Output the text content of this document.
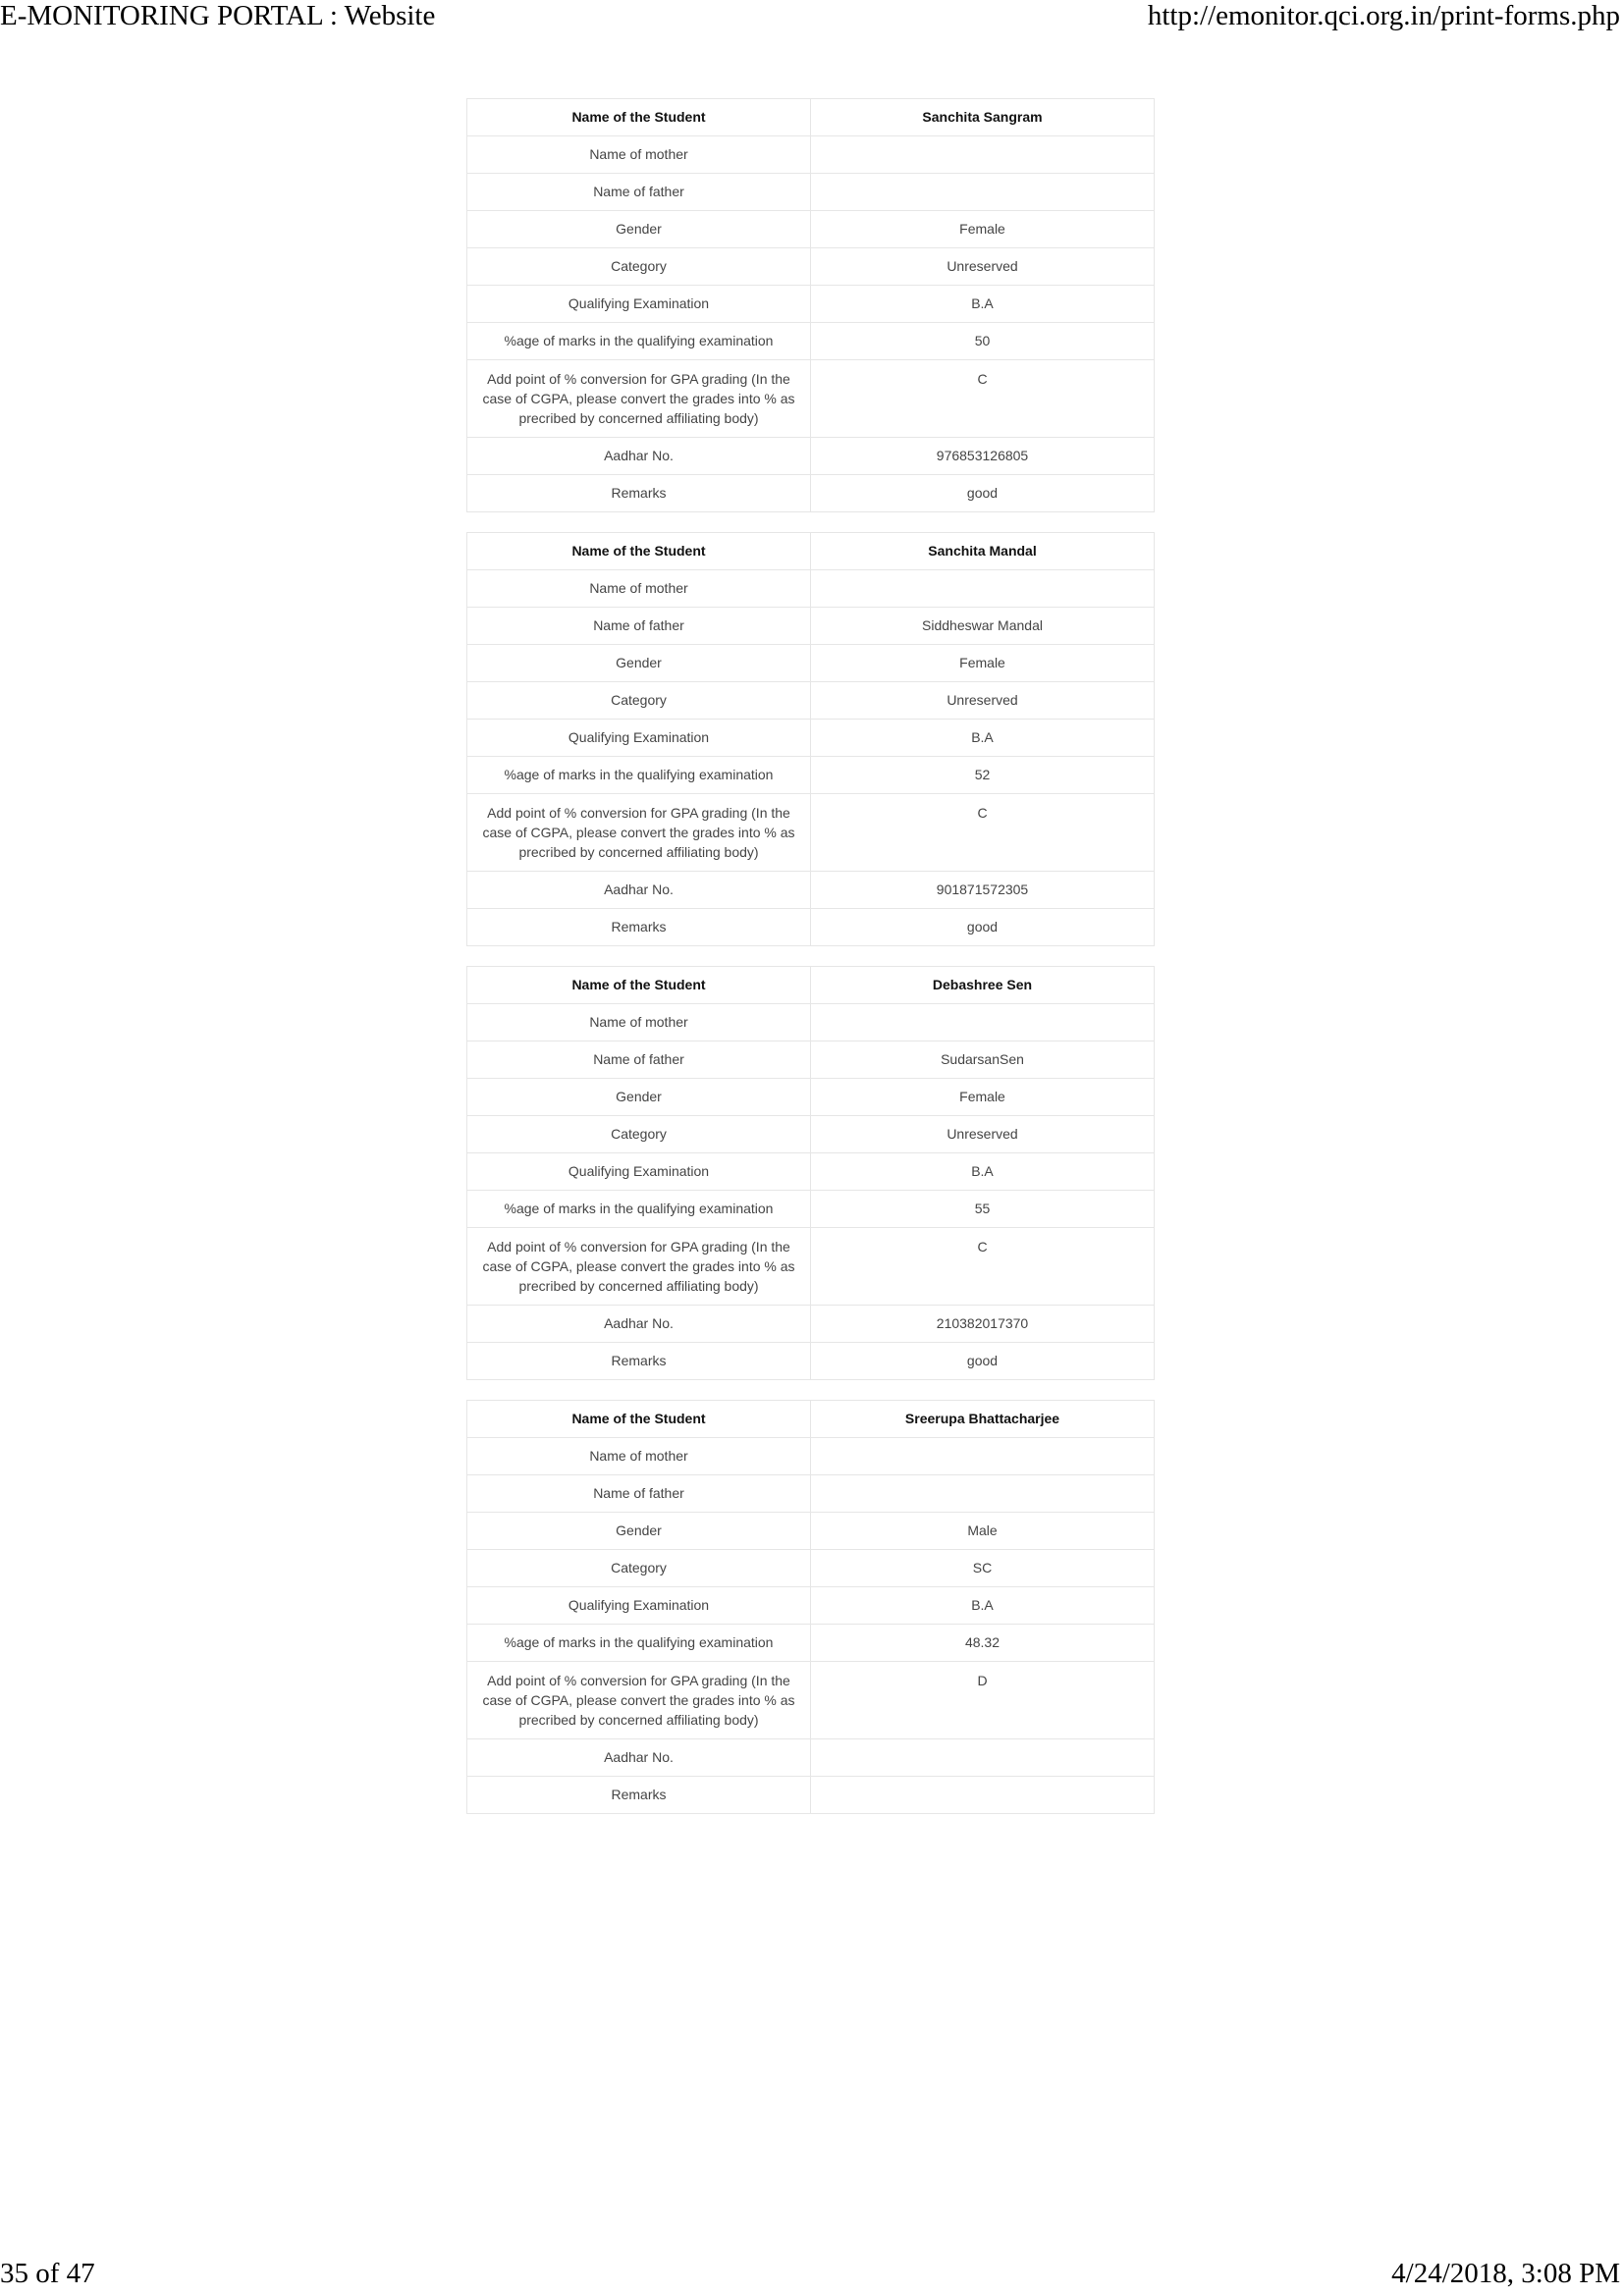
E-MONITORING PORTAL : Website	http://emonitor.qci.org.in/print-forms.php
Name of the Student	Sanchita Sangram
Name of mother	
Name of father	
Gender	Female
Category	Unreserved
Qualifying Examination	B.A
%age of marks in the qualifying examination	50
Add point of % conversion for GPA grading (In the case of CGPA, please convert the grades into % as precribed by concerned affiliating body)	C
Aadhar No.	976853126805
Remarks	good
Name of the Student	Sanchita Mandal
Name of mother	
Name of father	Siddheswar Mandal
Gender	Female
Category	Unreserved
Qualifying Examination	B.A
%age of marks in the qualifying examination	52
Add point of % conversion for GPA grading (In the case of CGPA, please convert the grades into % as precribed by concerned affiliating body)	C
Aadhar No.	901871572305
Remarks	good
Name of the Student	Debashree Sen
Name of mother	
Name of father	SudarsanSen
Gender	Female
Category	Unreserved
Qualifying Examination	B.A
%age of marks in the qualifying examination	55
Add point of % conversion for GPA grading (In the case of CGPA, please convert the grades into % as precribed by concerned affiliating body)	C
Aadhar No.	210382017370
Remarks	good
Name of the Student	Sreerupa Bhattacharjee
Name of mother	
Name of father	
Gender	Male
Category	SC
Qualifying Examination	B.A
%age of marks in the qualifying examination	48.32
Add point of % conversion for GPA grading (In the case of CGPA, please convert the grades into % as precribed by concerned affiliating body)	D
Aadhar No.	
Remarks	
35 of 47	4/24/2018, 3:08 PM
